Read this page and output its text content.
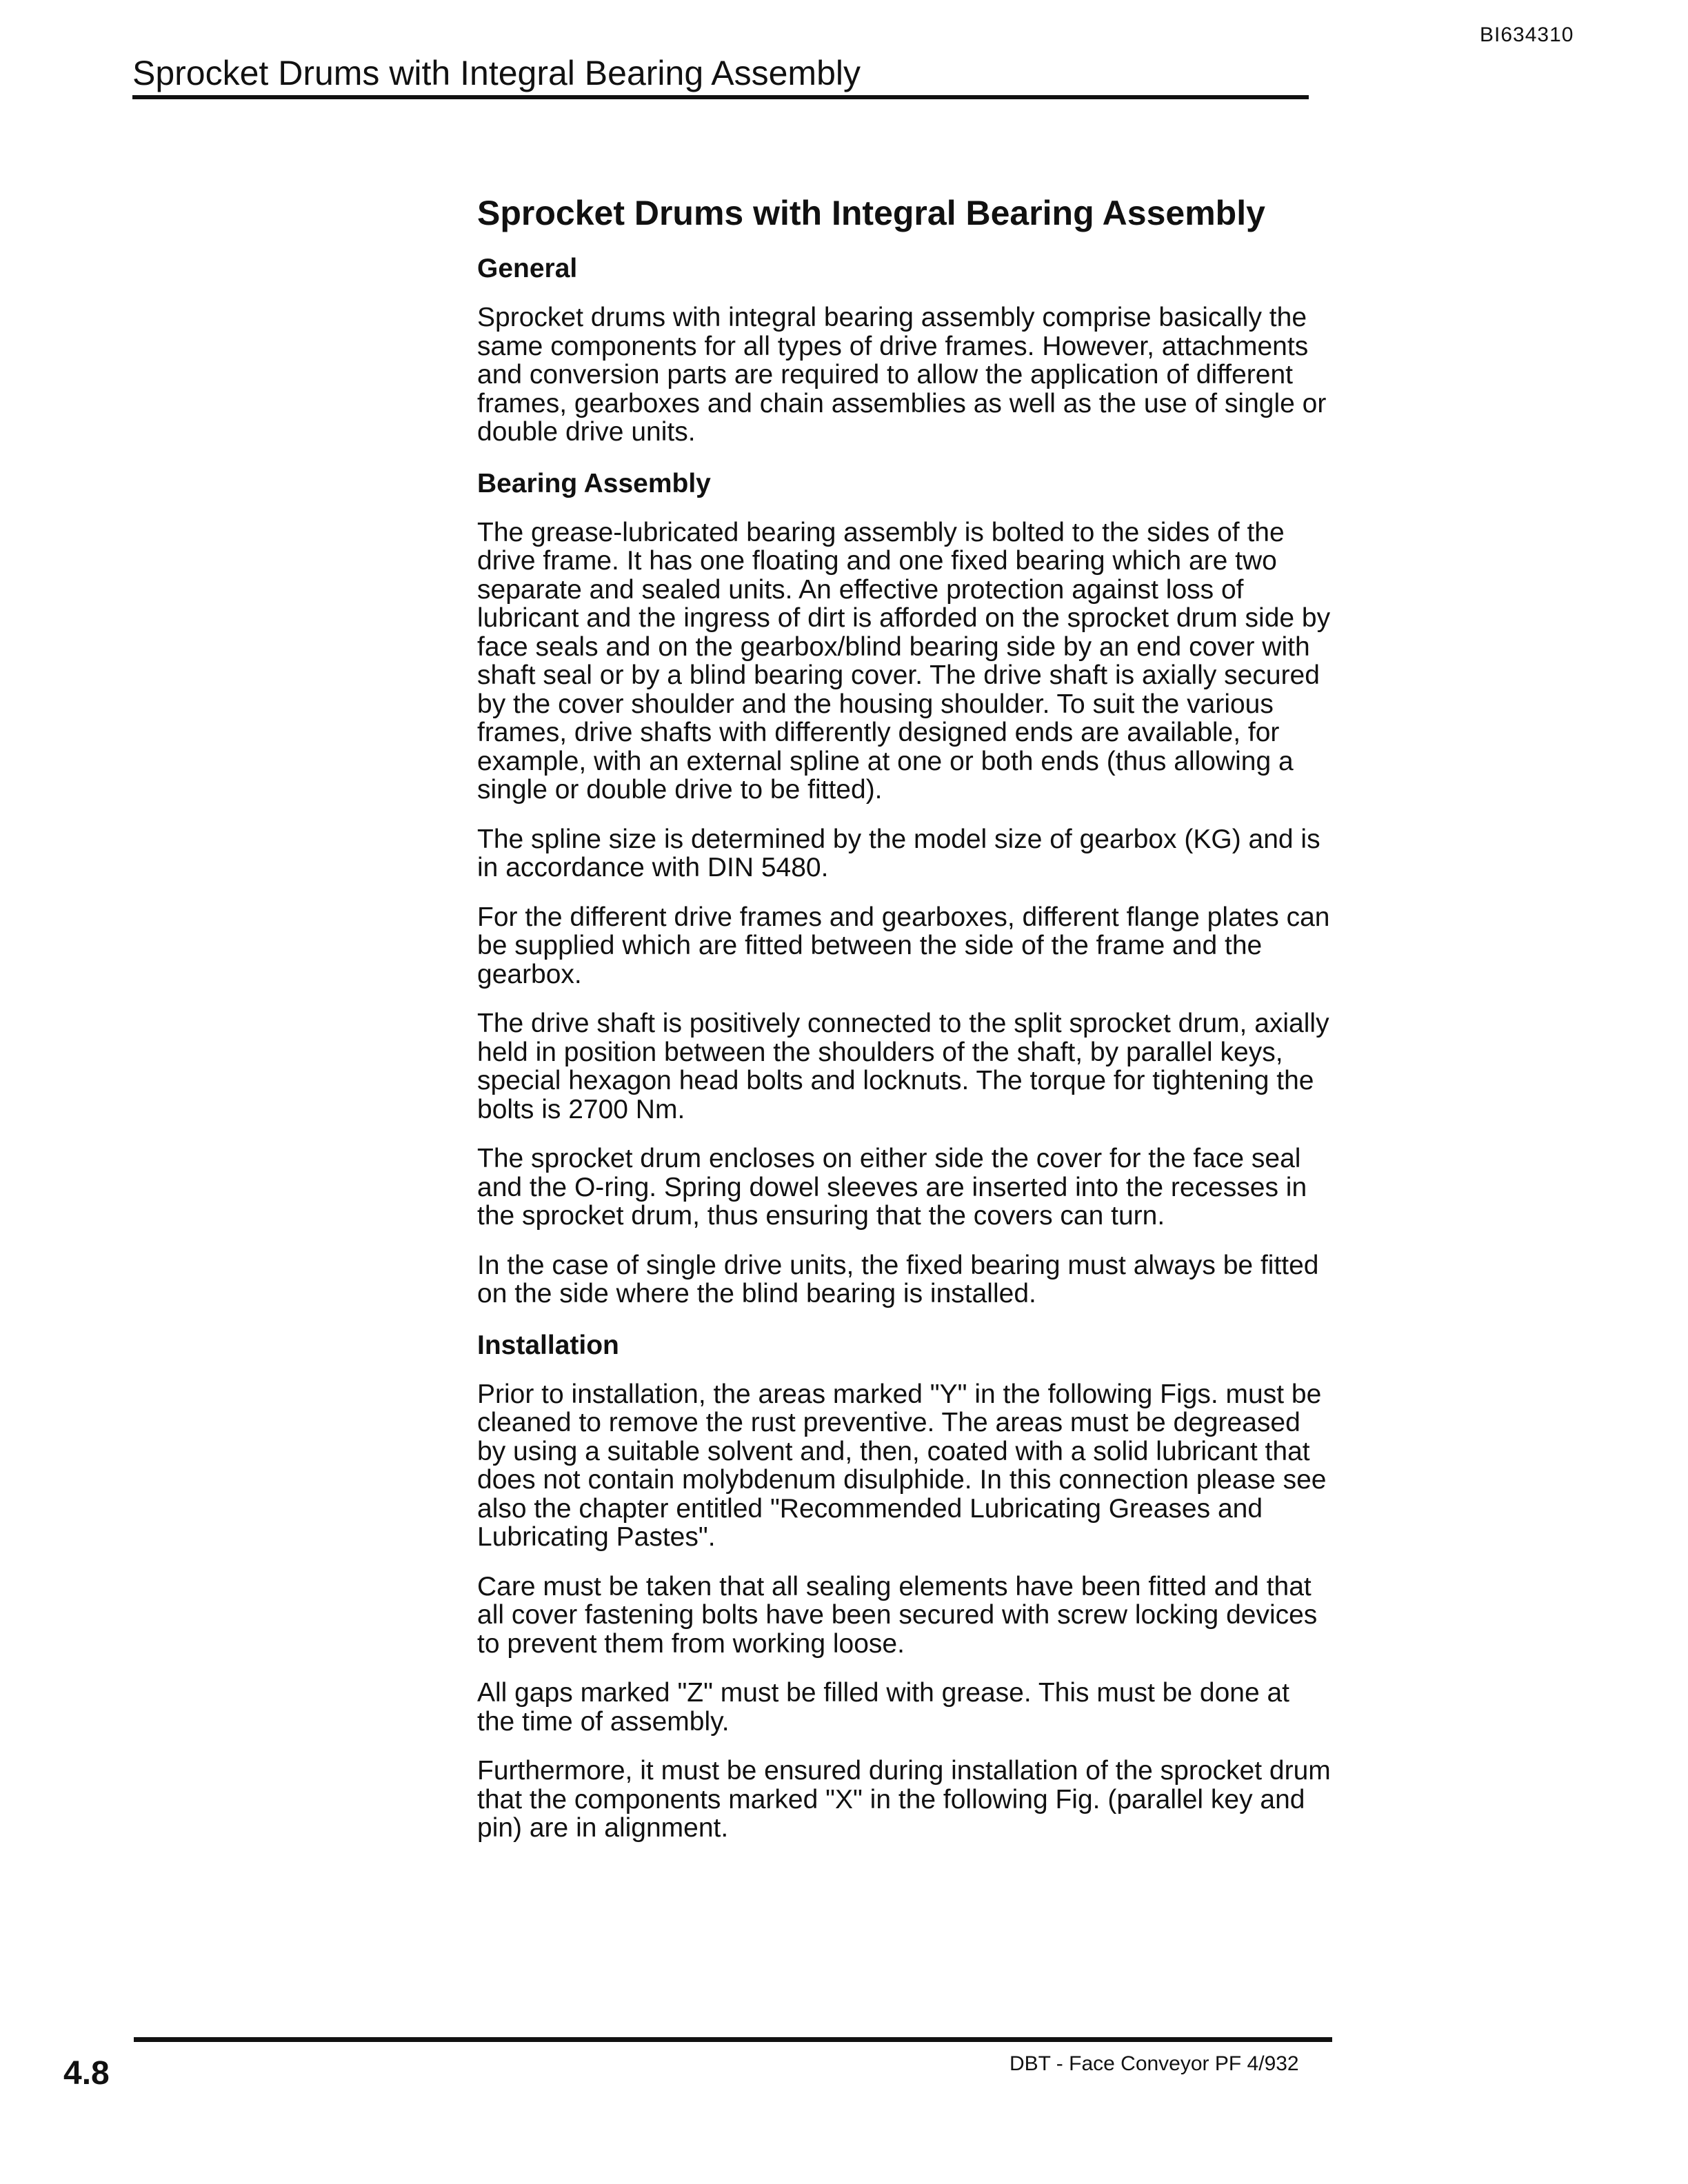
BI634310
Sprocket Drums with Integral Bearing Assembly
Sprocket Drums with Integral Bearing Assembly
General

Sprocket drums with integral bearing assembly comprise basically the same components for all types of drive frames. However, attachments and conversion parts are required to allow the application of different frames, gearboxes and chain assemblies as well as the use of single or double drive units.

Bearing Assembly

The grease-lubricated bearing assembly is bolted to the sides of the drive frame. It has one floating and one fixed bearing which are two separate and sealed units. An effective protection against loss of lubricant and the ingress of dirt is afforded on the sprocket drum side by face seals and on the gearbox/blind bearing side by an end cover with shaft seal or by a blind bearing cover. The drive shaft is axially secured by the cover shoulder and the housing shoulder. To suit the various frames, drive shafts with differently designed ends are available, for example, with an external spline at one or both ends (thus allowing a single or double drive to be fitted).

The spline size is determined by the model size of gearbox (KG) and is in accordance with DIN 5480.

For the different drive frames and gearboxes, different flange plates can be supplied which are fitted between the side of the frame and the gearbox.

The drive shaft is positively connected to the split sprocket drum, axially held in position between the shoulders of the shaft, by parallel keys, special hexagon head bolts and locknuts. The torque for tightening the bolts is 2700 Nm.

The sprocket drum encloses on either side the cover for the face seal and the O-ring. Spring dowel sleeves are inserted into the recesses in the sprocket drum, thus ensuring that the covers can turn.

In the case of single drive units, the fixed bearing must always be fitted on the side where the blind bearing is installed.

Installation

Prior to installation, the areas marked "Y" in the following Figs. must be cleaned to remove the rust preventive. The areas must be degreased by using a suitable solvent and, then, coated with a solid lubricant that does not contain molybdenum disulphide. In this connection please see also the chapter entitled "Recommended Lubricating Greases and Lubricating Pastes".

Care must be taken that all sealing elements have been fitted and that all cover fastening bolts have been secured with screw locking devices to prevent them from working loose.

All gaps marked "Z" must be filled with grease. This must be done at the time of assembly.

Furthermore, it must be ensured during installation of the sprocket drum that the components marked "X" in the following Fig. (parallel key and pin) are in alignment.

DBT - Face Conveyor PF 4/932
4.8
